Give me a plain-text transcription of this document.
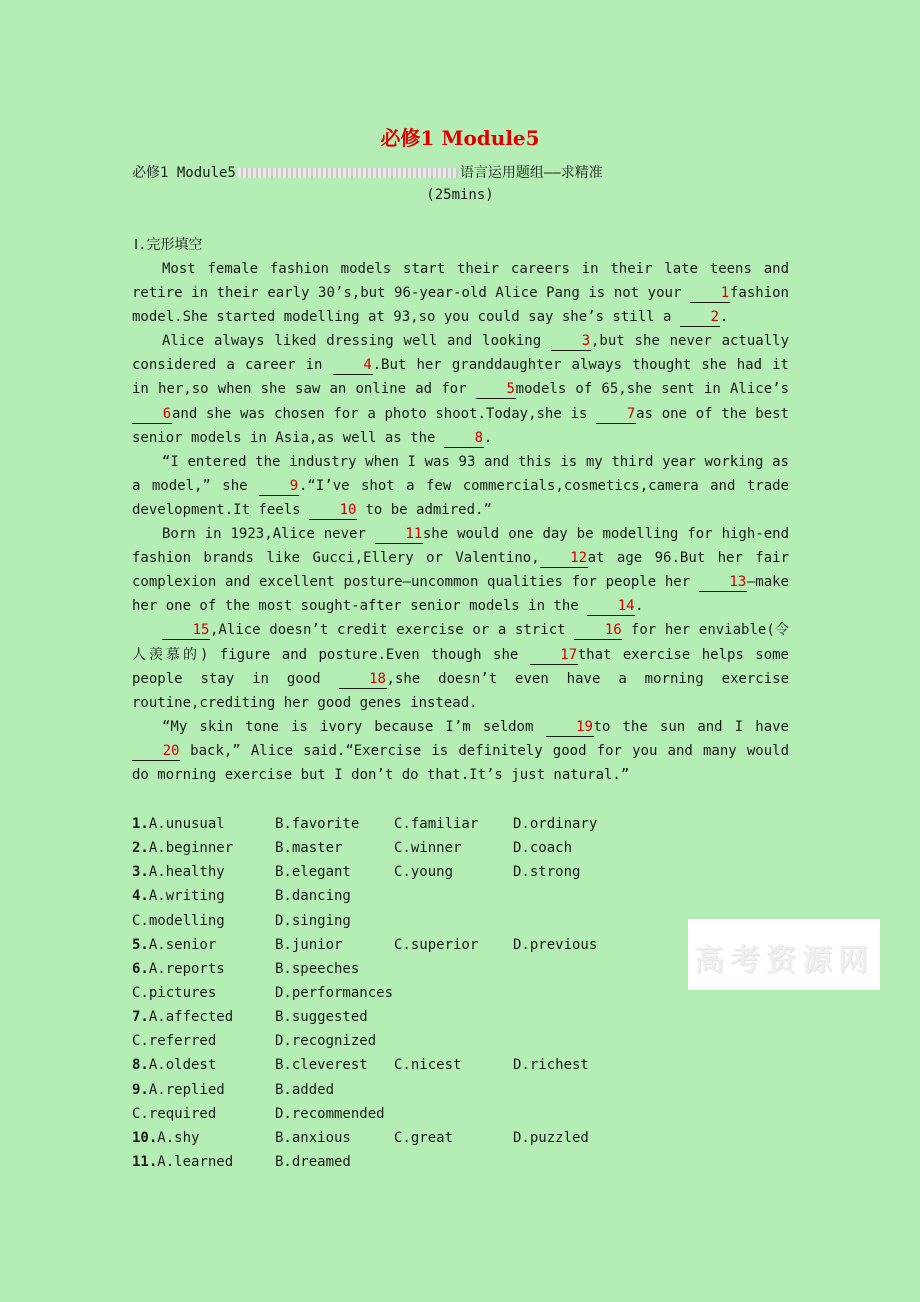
必修1 Module5
必修1 Module5	语言运用题组——求精准
(25mins)
Ⅰ.完形填空

Most female fashion models start their careers in their late teens and retire in their early 30’s,but 96-year-old Alice Pang is not your 1fashion model.She started modelling at 93,so you could say she’s still a 2.

Alice always liked dressing well and looking 3,but she never actually considered a career in 4.But her granddaughter always thought she had it in her,so when she saw an online ad for 5models of 65,she sent in Alice’s 6and she was chosen for a photo shoot.Today,she is 7as one of the best senior models in Asia,as well as the 8.

“I entered the industry when I was 93 and this is my third year working as a model,” she 9.“I’ve shot a few commercials,cosmetics,camera and trade development.It feels 10 to be admired.”

Born in 1923,Alice never 11she would one day be modelling for high-end fashion brands like Gucci,Ellery or Valentino, 12at age 96.But her fair complexion and excellent posture—uncommon qualities for people her 13—make her one of the most sought-after senior models in the 14.

15,Alice doesn’t credit exercise or a strict 16 for her enviable(令人羡慕的) figure and posture.Even though she 17that exercise helps some people stay in good 18,she doesn’t even have a morning exercise routine,crediting her good genes instead.

“My skin tone is ivory because I’m seldom 19to the sun and I have 20 back,” Alice said.“Exercise is definitely good for you and many would do morning exercise but I don’t do that.It’s just natural.”

1.A.unusual	B.favorite C.familiar D.ordinary
2.A.beginner	B.master	C.winner	D.coach
3.A.healthy	B.elegant	C.young	D.strong
4.A.writing	B.dancing
C.modelling	D.singing
5.A.senior	B.junior	C.superior D.previous
6.A.reports	B.speeches
C.pictures	D.performances
7.A.affected	B.suggested
C.referred	D.recognized
8.A.oldest	B.cleverest C.nicest	D.richest
9.A.replied	B.added
C.required	D.recommended
10.A.shy	B.anxious	C.great	D.puzzled
11.A.learned	B.dreamed
高考资源网
